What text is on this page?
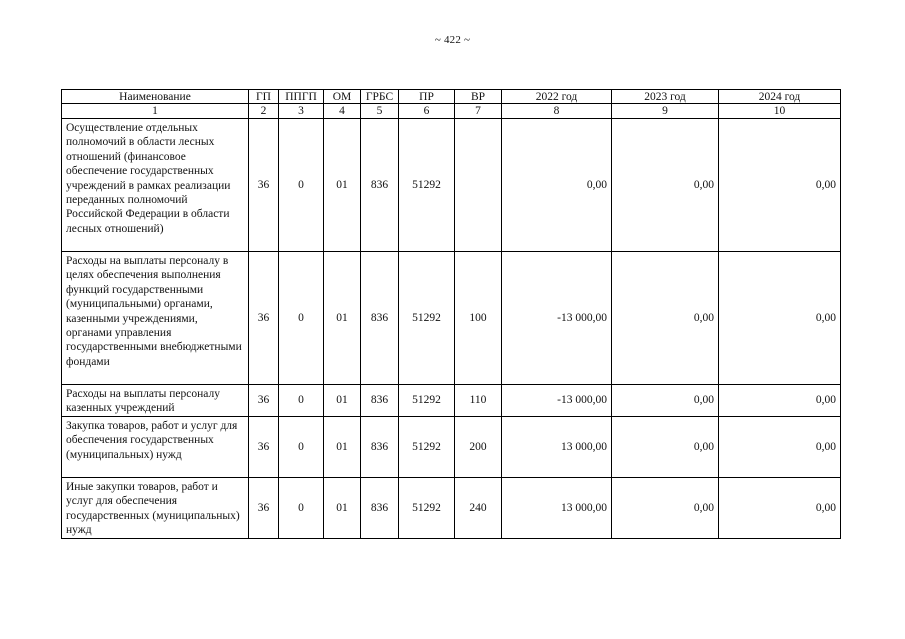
~ 422 ~
Наименование	ГП	ППГП	ОМ	ГРБС	ПР	ВР	2022 год	2023 год	2024 год
1	2	3	4	5	6	7	8	9	10
Осуществление отдельных полномочий в области лесных отношений (финансовое обеспечение государственных учреждений в рамках реализации переданных полномочий Российской Федерации в области лесных отношений)	36	0	01	836	51292		0,00	0,00	0,00
Расходы на выплаты персоналу в целях обеспечения выполнения функций государственными (муниципальными) органами, казенными учреждениями, органами управления государственными внебюджетными фондами	36	0	01	836	51292	100	-13 000,00	0,00	0,00
Расходы на выплаты персоналу казенных учреждений	36	0	01	836	51292	110	-13 000,00	0,00	0,00
Закупка товаров, работ и услуг для обеспечения государственных (муниципальных) нужд	36	0	01	836	51292	200	13 000,00	0,00	0,00
Иные закупки товаров, работ и услуг для обеспечения государственных (муниципальных) нужд	36	0	01	836	51292	240	13 000,00	0,00	0,00
